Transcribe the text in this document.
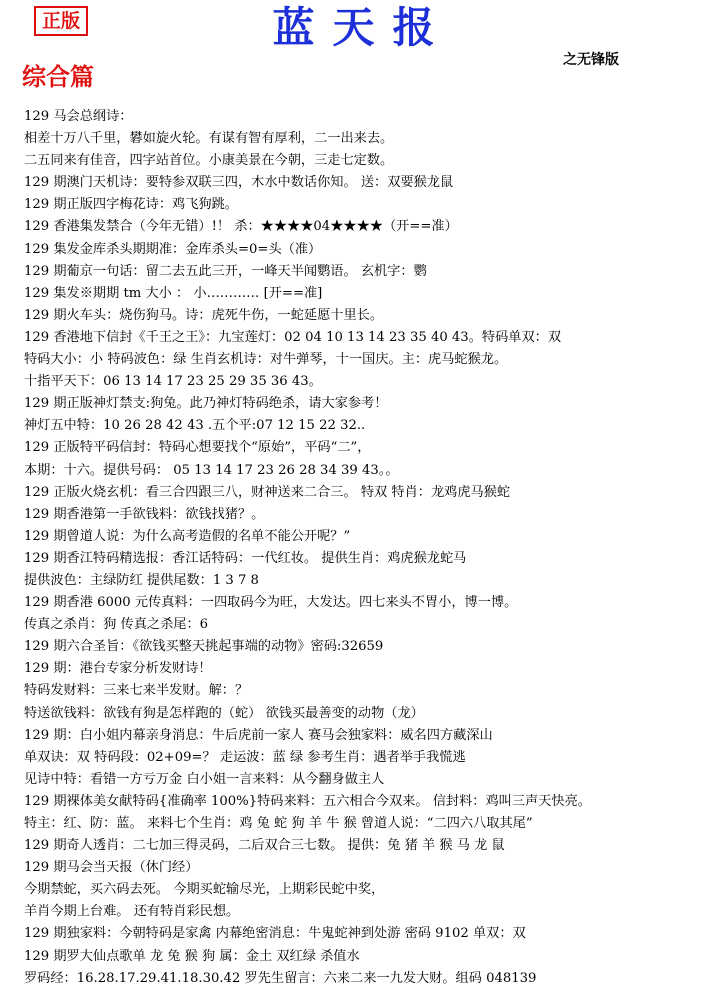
正版	蓝天报
之无锋版
综合篇
129 马会总纲诗：
相差十万八千里，礬如旋火轮。有谋有智有厚利，二一出来去。
二五同来有佳音，四字站首位。小康美景在今朝，三走七定数。
129 期澳门天机诗：要特参双联三四，木水中数话你知。 送：双要猴龙鼠
129 期正版四字梅花诗：鸡飞狗跳。
129 香港集发禁合（今年无错）!！ 杀：★★★★04★★★★（开==准）
129 集发金库杀头期期准：金库杀头=0=头（准）
129 期葡京一句话：留二去五此三开，一峰天半闻鹦语。 玄机字：鹦
129 集发※期期 tm 大小 ： 小………… [开==准]
129 期火车头：烧伤狗马。诗：虎死牛伤，一蛇延愿十里长。
129 香港地下信封《千王之王》：九宝莲灯：02 04 10 13 14 23 35 40 43。特码单双：双
特码大小：小 特码波色：绿 生肖玄机诗：对牛弹琴，十一国庆。主：虎马蛇猴龙。
十指平天下：06 13 14 17 23 25 29 35 36 43。
129 期正版神灯禁支:狗兔。此乃神灯特码绝杀，请大家参考！
神灯五中特：10 26 28 42 43 .五个平:07 12 15 22 32..
129 正版特平码信封：特码心想要找个“原始”，平码“二”，
本期：十六。提供号码： 05 13 14 17 23 26 28 34 39 43。。
129 正版火烧玄机：看三合四跟三八，财神送来二合三。 特双 特肖：龙鸡虎马猴蛇
129 期香港第一手欲钱料：欲钱找猪？。
129 期曾道人说：为什么高考造假的名单不能公开呢？”
129 期香江特码精选报：香江话特码：一代红妆。 提供生肖：鸡虎猴龙蛇马
提供波色：主绿防红 提供尾数：1 3 7 8
129 期香港 6000 元传真料：一四取码今为旺，大发达。四七来头不胃小，博一博。
传真之杀肖：狗 传真之杀尾：6
129 期六合圣旨：《欲钱买整天挑起事端的动物》密码:32659
129 期：港台专家分析发财诗！
特码发财料：三来七来半发财。解：？
特送欲钱料：欲钱有狗是怎样跑的（蛇） 欲钱买最善变的动物（龙）
129 期：白小姐内幕亲身消息：牛后虎前一家人 赛马会独家料：威名四方藏深山
单双诀：双 特码段：02+09=？ 走运波：蓝 绿 参考生肖：遇者举手我慌逃
见诗中特：看错一方亏万金 白小姐一言来料：从今翻身做主人
129 期裸体美女献特码{准确率 100%}特码来料：五六相合今双来。 信封料：鸡叫三声天快亮。
特主：红、防：蓝。 来料七个生肖：鸡 兔 蛇 狗 羊 牛 猴 曾道人说：“二四六八取其尾”
129 期奇人透肖：二七加三得灵码，二后双合三七数。 提供：兔 猪 羊 猴 马 龙 鼠
129 期马会当天报（休门经）
今期禁蛇，买六码去死。 今期买蛇输尽光，上期彩民蛇中奖，
羊肖今期上台难。 还有特肖彩民想。
129 期独家料：今朝特码是家禽 内幕绝密消息：牛鬼蛇神到处游 密码 9102 单双：双
129 期罗大仙点歌单 龙 兔 猴 狗 属：金土 双红绿 杀值水
罗码经：16.28.17.29.41.18.30.42 罗先生留言：六来二来一九发大财。组码 048139
